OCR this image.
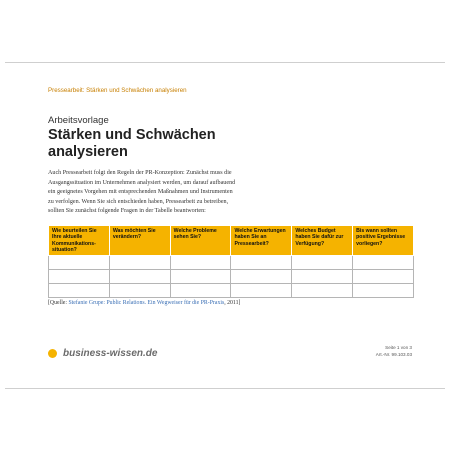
Pressearbeit: Stärken und Schwächen analysieren
Arbeitsvorlage
Stärken und Schwächen
analysieren
Auch Pressearbeit folgt den Regeln der PR-Konzeption: Zunächst muss die
Ausgangssituation im Unternehmen analysiert werden, um darauf aufbauend
ein geeignetes Vorgehen mit entsprechenden Maßnahmen und Instrumenten
zu verfolgen. Wenn Sie sich entschieden haben, Pressearbeit zu betreiben,
sollten Sie zunächst folgende Fragen in der Tabelle beantworten:
Wie beurteilen Sie Ihre aktuelle Kommunikations-situation?	Was möchten Sie verändern?	Welche Probleme sehen Sie?	Welche Erwartungen haben Sie an Pressearbeit?	Welches Budget haben Sie dafür zur Verfügung?	Bis wann sollten positive Ergebnisse vorliegen?

[Quelle: Stefanie Grupe: Public Relations. Ein Wegweiser für die PR-Praxis, 2011]
business-wissen.de
Seite 1 von 3
Art.-Nr. 99.103.03
